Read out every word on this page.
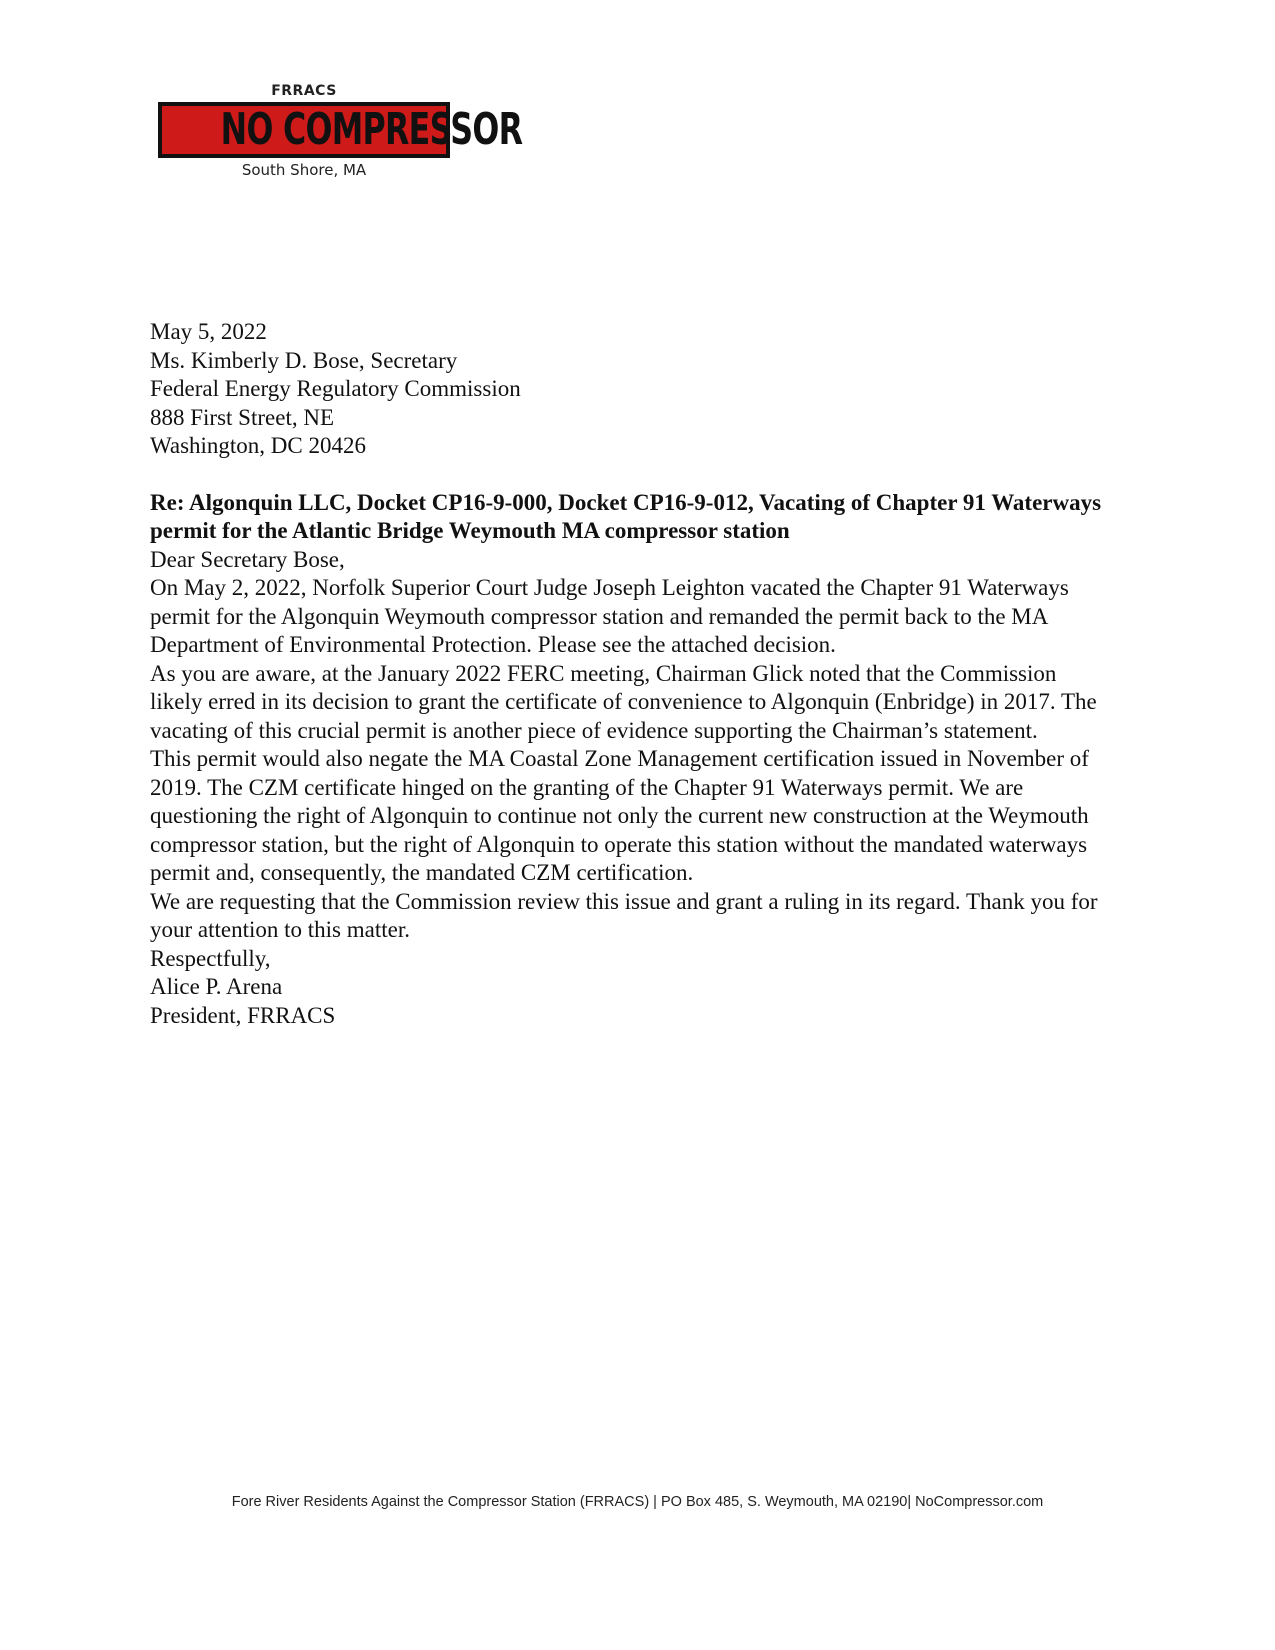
FRRACS
NO COMPRESSOR
South Shore, MA

May 5, 2022

Ms. Kimberly D. Bose, Secretary

Federal Energy Regulatory Commission

888 First Street, NE

Washington, DC 20426

Re: Algonquin LLC, Docket CP16-9-000, Docket CP16-9-012, Vacating of Chapter 91 Waterways permit for the Atlantic Bridge Weymouth MA compressor station

Dear Secretary Bose,

On May 2, 2022, Norfolk Superior Court Judge Joseph Leighton vacated the Chapter 91 Waterways permit for the Algonquin Weymouth compressor station and remanded the permit back to the MA Department of Environmental Protection. Please see the attached decision.

As you are aware, at the January 2022 FERC meeting, Chairman Glick noted that the Commission likely erred in its decision to grant the certificate of convenience to Algonquin (Enbridge) in 2017. The vacating of this crucial permit is another piece of evidence supporting the Chairman’s statement.

This permit would also negate the MA Coastal Zone Management certification issued in November of 2019. The CZM certificate hinged on the granting of the Chapter 91 Waterways permit. We are questioning the right of Algonquin to continue not only the current new construction at the Weymouth compressor station, but the right of Algonquin to operate this station without the mandated waterways permit and, consequently, the mandated CZM certification.

We are requesting that the Commission review this issue and grant a ruling in its regard. Thank you for your attention to this matter.

Respectfully,

Alice P. Arena

President, FRRACS

Fore River Residents Against the Compressor Station (FRRACS) | PO Box 485, S. Weymouth, MA 02190| NoCompressor.com
